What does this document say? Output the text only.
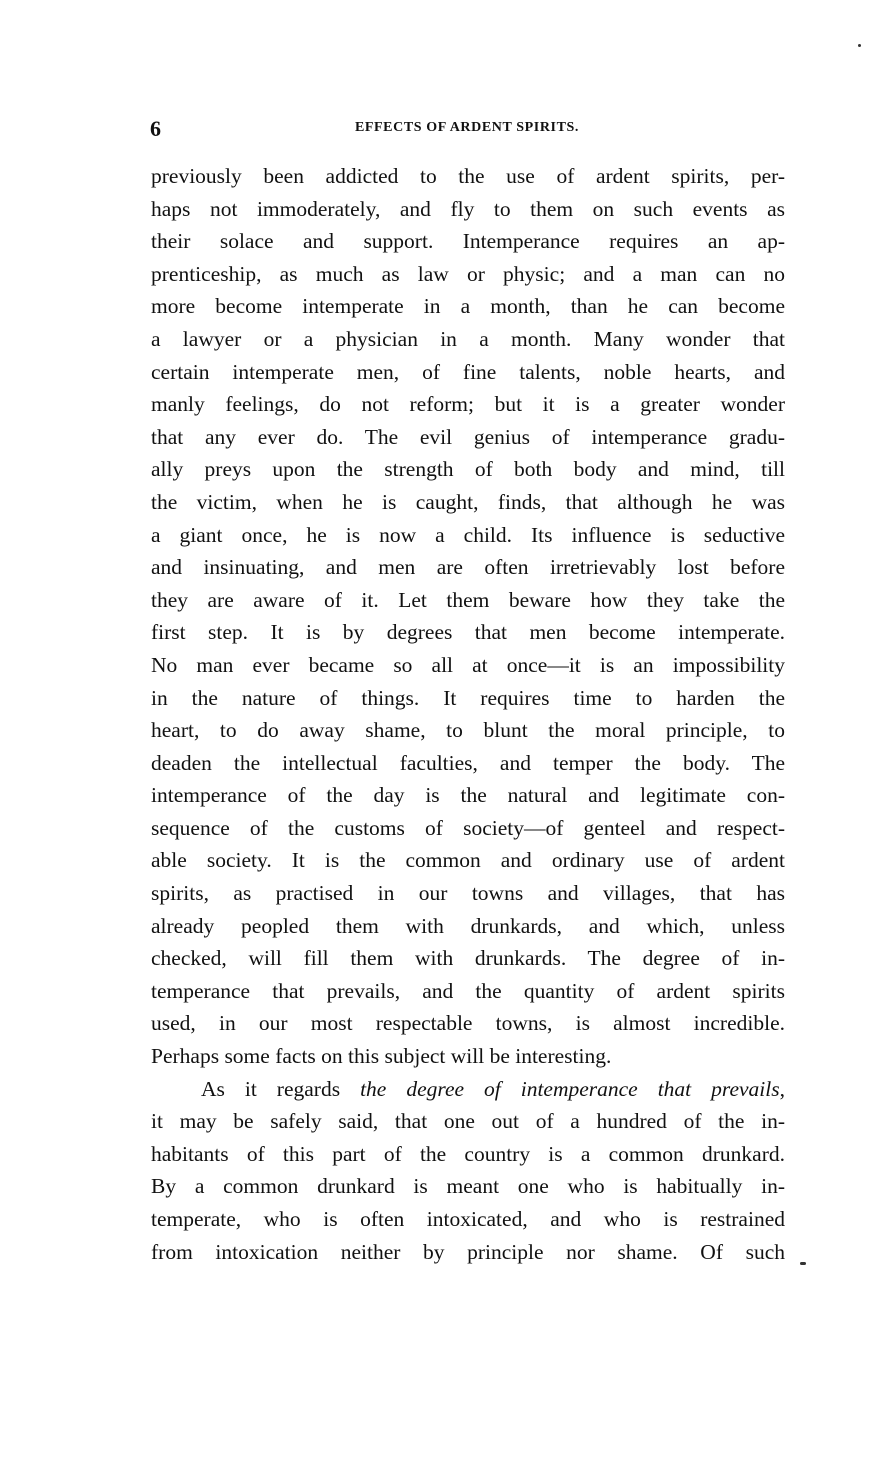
6	EFFECTS OF ARDENT SPIRITS.
previously been addicted to the use of ardent spirits, per-
haps not immoderately, and fly to them on such events as
their solace and support. Intemperance requires an ap-
prenticeship, as much as law or physic; and a man can no
more become intemperate in a month, than he can become
a lawyer or a physician in a month. Many wonder that
certain intemperate men, of fine talents, noble hearts, and
manly feelings, do not reform; but it is a greater wonder
that any ever do. The evil genius of intemperance gradu-
ally preys upon the strength of both body and mind, till
the victim, when he is caught, finds, that although he was
a giant once, he is now a child. Its influence is seductive
and insinuating, and men are often irretrievably lost before
they are aware of it. Let them beware how they take the
first step. It is by degrees that men become intemperate.
No man ever became so all at once—it is an impossibility
in the nature of things. It requires time to harden the
heart, to do away shame, to blunt the moral principle, to
deaden the intellectual faculties, and temper the body. The
intemperance of the day is the natural and legitimate con-
sequence of the customs of society—of genteel and respect-
able society. It is the common and ordinary use of ardent
spirits, as practised in our towns and villages, that has
already peopled them with drunkards, and which, unless
checked, will fill them with drunkards. The degree of in-
temperance that prevails, and the quantity of ardent spirits
used, in our most respectable towns, is almost incredible.
Perhaps some facts on this subject will be interesting.
As it regards the degree of intemperance that prevails,
it may be safely said, that one out of a hundred of the in-
habitants of this part of the country is a common drunkard.
By a common drunkard is meant one who is habitually in-
temperate, who is often intoxicated, and who is restrained
from intoxication neither by principle nor shame. Of such
